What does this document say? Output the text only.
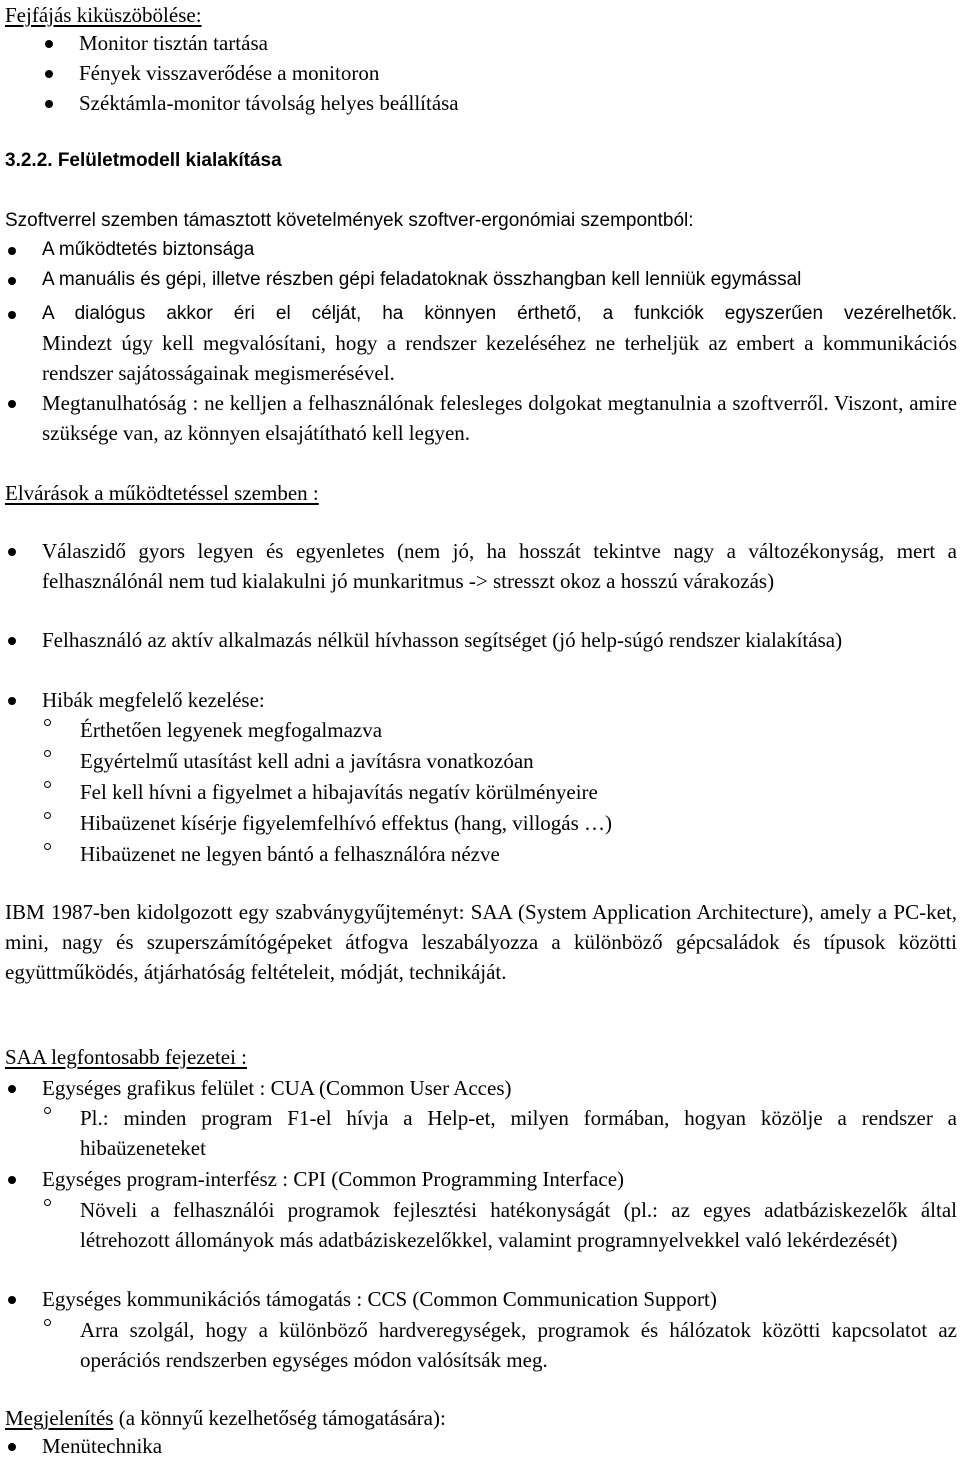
Fejfájás kiküszöbölése:
Monitor tisztán tartása
Fények visszaverődése a monitoron
Széktámla-monitor távolság helyes beállítása
3.2.2. Felületmodell kialakítása
Szoftverrel szemben támasztott követelmények szoftver-ergonómiai szempontból:
A működtetés biztonsága
A manuális és gépi, illetve részben gépi feladatoknak összhangban kell lenniük egymással
A dialógus akkor éri el célját, ha könnyen érthető, a funkciók egyszerűen vezérelhetők.
Mindezt úgy kell megvalósítani, hogy a rendszer kezeléséhez ne terheljük az embert a kommunikációs rendszer sajátosságainak megismerésével.
Megtanulhatóság : ne kelljen a felhasználónak felesleges dolgokat megtanulnia a szoftverről. Viszont, amire szüksége van, az könnyen elsajátítható kell legyen.
Elvárások a működtetéssel szemben :
Válaszidő gyors legyen és egyenletes (nem jó, ha hosszát tekintve nagy a változékonyság, mert a felhasználónál nem tud kialakulni jó munkaritmus -> stresszt okoz a hosszú várakozás)
Felhasználó az aktív alkalmazás nélkül hívhasson segítséget (jó help-súgó rendszer kialakítása)
Hibák megfelelő kezelése:
Érthetően legyenek megfogalmazva
Egyértelmű utasítást kell adni a javításra vonatkozóan
Fel kell hívni a figyelmet a hibajavítás negatív körülményeire
Hibaüzenet kísérje figyelemfelhívó effektus (hang, villogás …)
Hibaüzenet ne legyen bántó a felhasználóra nézve
IBM 1987-ben kidolgozott egy szabványgyűjteményt: SAA (System Application Architecture), amely a PC-ket, mini, nagy és szuperszámítógépeket átfogva leszabályozza a különböző gépcsaládok és típusok közötti együttműködés, átjárhatóság feltételeit, módját, technikáját.
SAA legfontosabb fejezetei :
Egységes grafikus felület : CUA (Common User Acces)
Pl.: minden program F1-el hívja a Help-et, milyen formában, hogyan közölje a rendszer a hibaüzeneteket
Egységes program-interfész : CPI (Common Programming Interface)
Növeli a felhasználói programok fejlesztési hatékonyságát (pl.: az egyes adatbáziskezelők által létrehozott állományok más adatbáziskezelőkkel, valamint programnyelvekkel való lekérdezését)
Egységes kommunikációs támogatás : CCS (Common Communication Support)
Arra szolgál, hogy a különböző hardveregységek, programok és hálózatok közötti kapcsolatot az operációs rendszerben egységes módon valósítsák meg.
Megjelenítés (a könnyű kezelhetőség támogatására):
Menütechnika
